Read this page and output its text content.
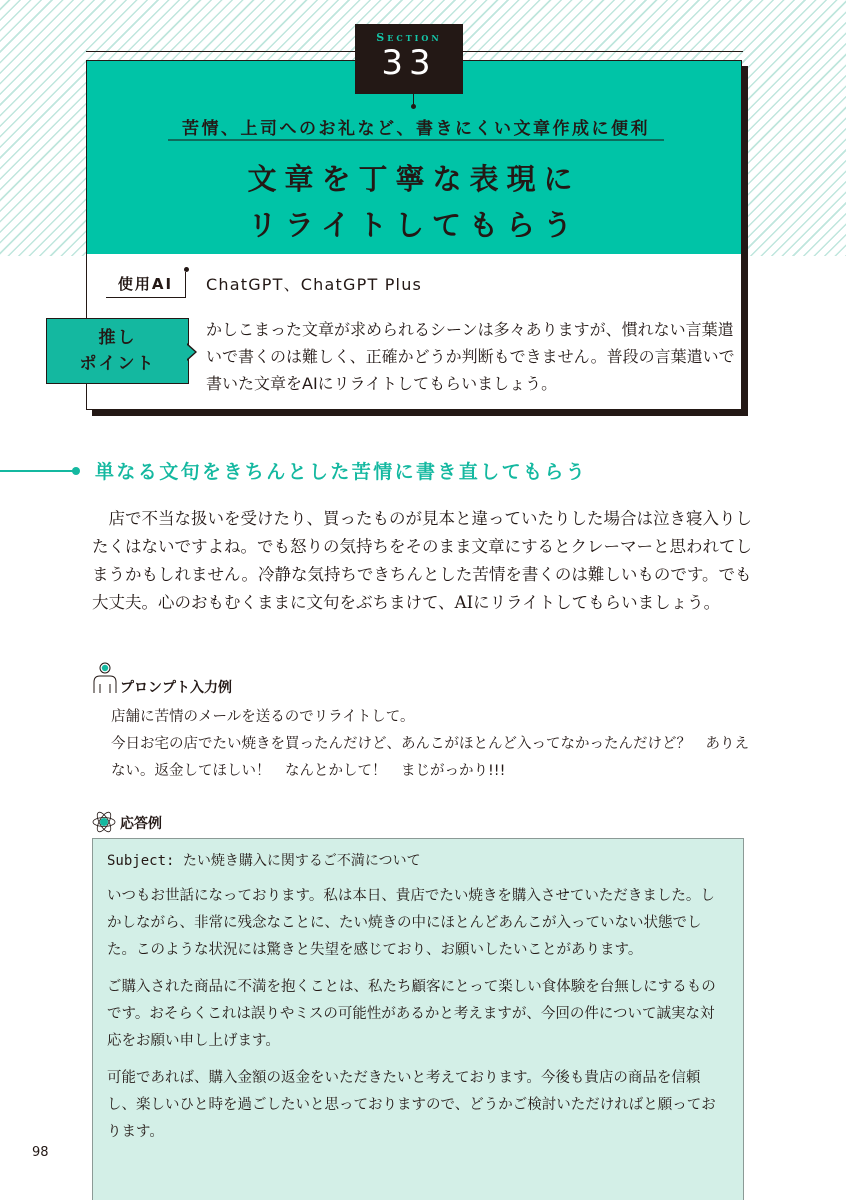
Section
33
苦情、上司へのお礼など、書きにくい文章作成に便利
文章を丁寧な表現に
リライトしてもらう
使用AI	ChatGPT、ChatGPT Plus
推し
ポイント
かしこまった文章が求められるシーンは多々ありますが、慣れない言葉遣いで書くのは難しく、正確かどうか判断もできません。普段の言葉遣いで書いた文章をAIにリライトしてもらいましょう。
単なる文句をきちんとした苦情に書き直してもらう
店で不当な扱いを受けたり、買ったものが見本と違っていたりした場合は泣き寝入りしたくはないですよね。でも怒りの気持ちをそのまま文章にするとクレーマーと思われてしまうかもしれません。冷静な気持ちできちんとした苦情を書くのは難しいものです。でも大丈夫。心のおもむくままに文句をぶちまけて、AIにリライトしてもらいましょう。
プロンプト入力例
店舗に苦情のメールを送るのでリライトして。
今日お宅の店でたい焼きを買ったんだけど、あんこがほとんど入ってなかったんだけど？　ありえない。返金してほしい！　なんとかして！　まじがっかり!!!
応答例
Subject: たい焼き購入に関するご不満について
いつもお世話になっております。私は本日、貴店でたい焼きを購入させていただきました。しかしながら、非常に残念なことに、たい焼きの中にほとんどあんこが入っていない状態でした。このような状況には驚きと失望を感じており、お願いしたいことがあります。
ご購入された商品に不満を抱くことは、私たち顧客にとって楽しい食体験を台無しにするものです。おそらくこれは誤りやミスの可能性があるかと考えますが、今回の件について誠実な対応をお願い申し上げます。
可能であれば、購入金額の返金をいただきたいと考えております。今後も貴店の商品を信頼し、楽しいひと時を過ごしたいと思っておりますので、どうかご検討いただければと願っております。
98
